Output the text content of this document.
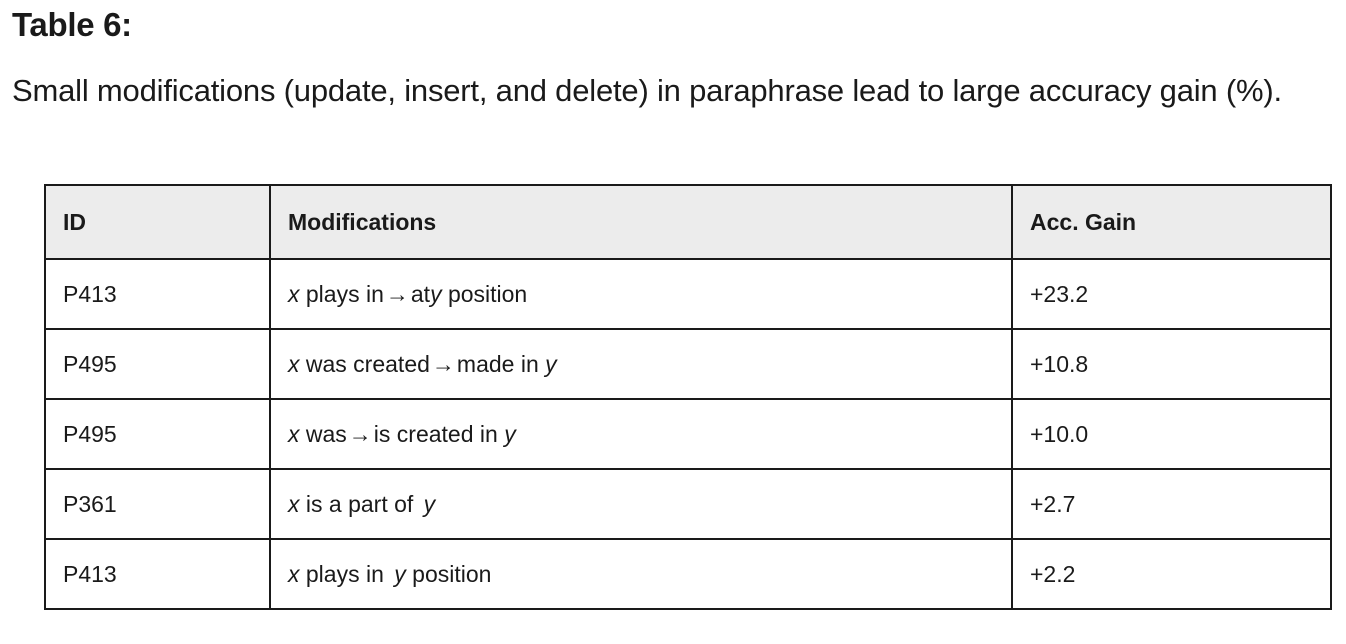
Table 6:

Small modifications (update, insert, and delete) in paraphrase lead to large accuracy gain (%).

ID	Modifications	Acc. Gain
P413	x plays in→aty position	+23.2
P495	x was created→made in y	+10.8
P495	x was→is created in y	+10.0
P361	x is a part of y	+2.7
P413	x plays in y position	+2.2
